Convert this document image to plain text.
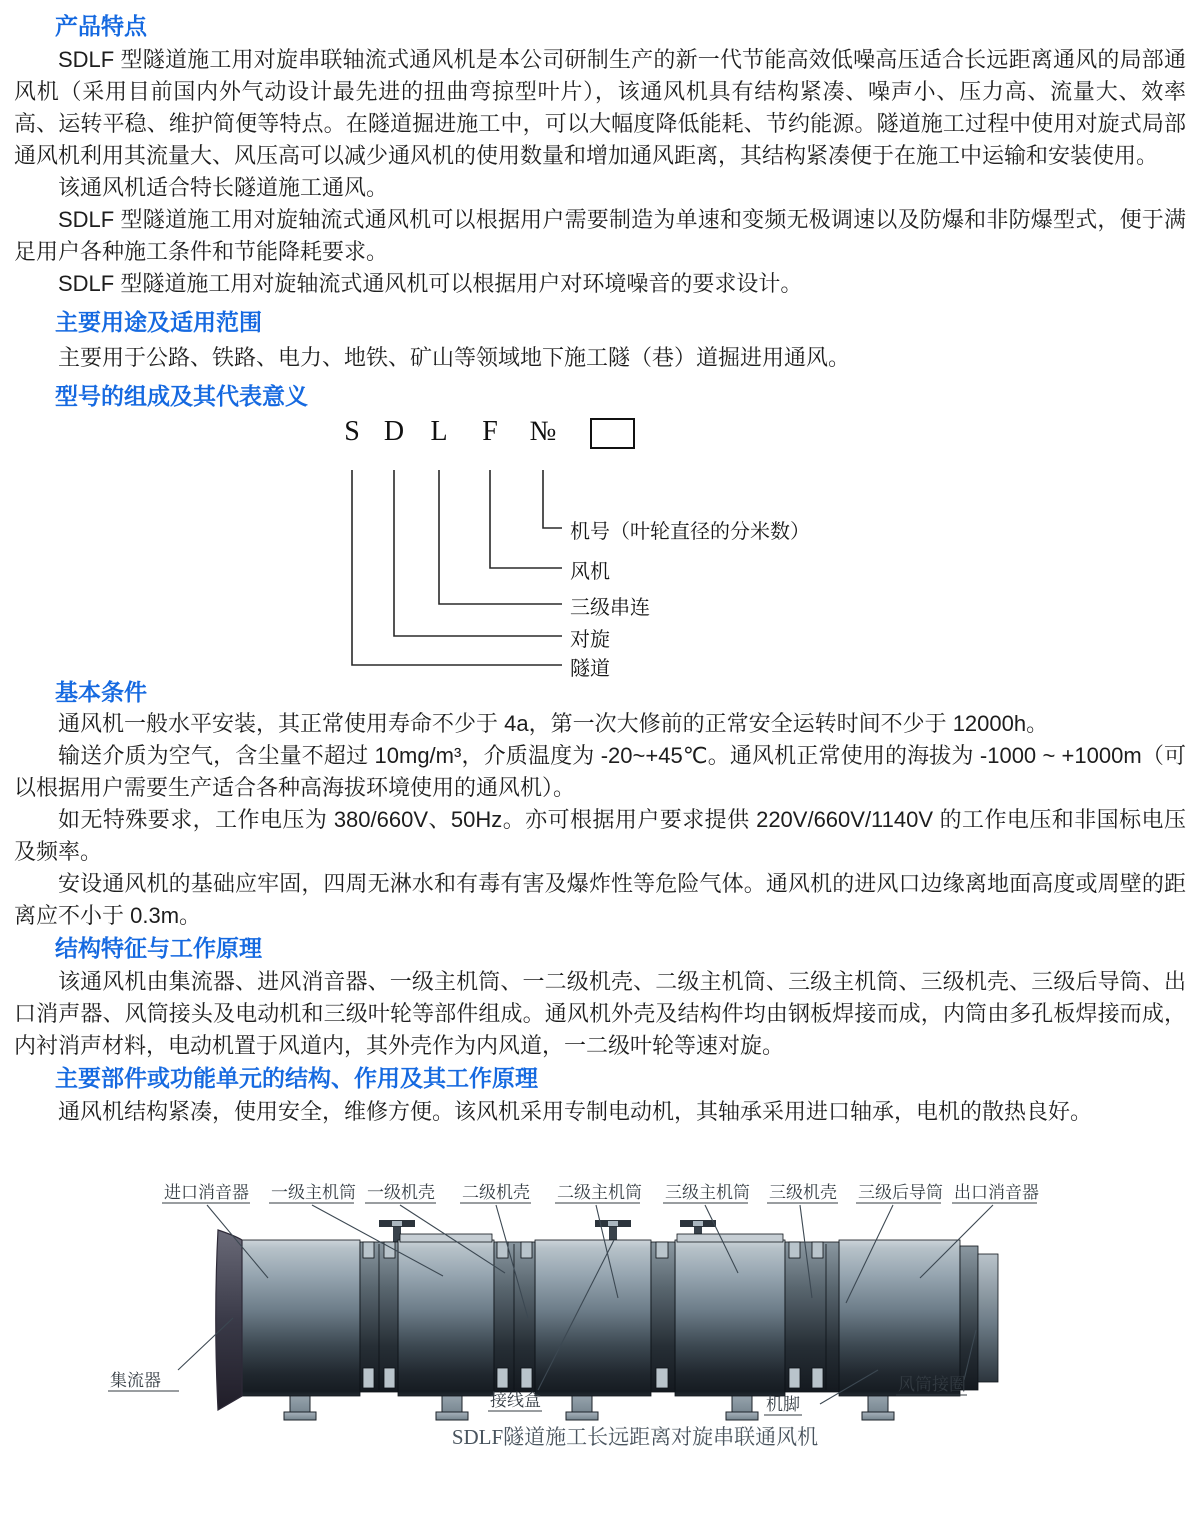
产品特点

SDLF 型隧道施工用对旋串联轴流式通风机是本公司研制生产的新一代节能高效低噪高压适合长远距离通风的局部通风机（采用目前国内外气动设计最先进的扭曲弯掠型叶片），该通风机具有结构紧凑、噪声小、压力高、流量大、效率高、运转平稳、维护简便等特点。在隧道掘进施工中，可以大幅度降低能耗、节约能源。隧道施工过程中使用对旋式局部通风机利用其流量大、风压高可以减少通风机的使用数量和增加通风距离，其结构紧凑便于在施工中运输和安装使用。

该通风机适合特长隧道施工通风。

SDLF 型隧道施工用对旋轴流式通风机可以根据用户需要制造为单速和变频无极调速以及防爆和非防爆型式，便于满足用户各种施工条件和节能降耗要求。

SDLF 型隧道施工用对旋轴流式通风机可以根据用户对环境噪音的要求设计。

主要用途及适用范围

主要用于公路、铁路、电力、地铁、矿山等领域地下施工隧（巷）道掘进用通风。

型号的组成及其代表意义
S D L	F	№
机号（叶轮直径的分米数）
风机
三级串连
对旋
隧道
基本条件

通风机一般水平安装，其正常使用寿命不少于 4a，第一次大修前的正常安全运转时间不少于 12000h。

输送介质为空气，含尘量不超过 10mg/m³，介质温度为 -20~+45℃。通风机正常使用的海拔为 -1000 ~ +1000m（可以根据用户需要生产适合各种高海拔环境使用的通风机）。

如无特殊要求，工作电压为 380/660V、50Hz。亦可根据用户要求提供 220V/660V/1140V 的工作电压和非国标电压及频率。

安设通风机的基础应牢固，四周无淋水和有毒有害及爆炸性等危险气体。通风机的进风口边缘离地面高度或周壁的距离应不小于 0.3m。

结构特征与工作原理

该通风机由集流器、进风消音器、一级主机筒、一二级机壳、二级主机筒、三级主机筒、三级机壳、三级后导筒、出口消声器、风筒接头及电动机和三级叶轮等部件组成。通风机外壳及结构件均由钢板焊接而成，内筒由多孔板焊接而成，内衬消声材料，电动机置于风道内，其外壳作为内风道，一二级叶轮等速对旋。

主要部件或功能单元的结构、作用及其工作原理

通风机结构紧凑，使用安全，维修方便。该风机采用专制电动机，其轴承采用进口轴承，电机的散热良好。

进口消音器 一级主机筒 一级机壳 二级机壳 二级主机筒 三级主机筒 三级机壳 三级后导筒 出口消音器
集流器
接线盒	机脚
风筒接圈
SDLF隧道施工长远距离对旋串联通风机
